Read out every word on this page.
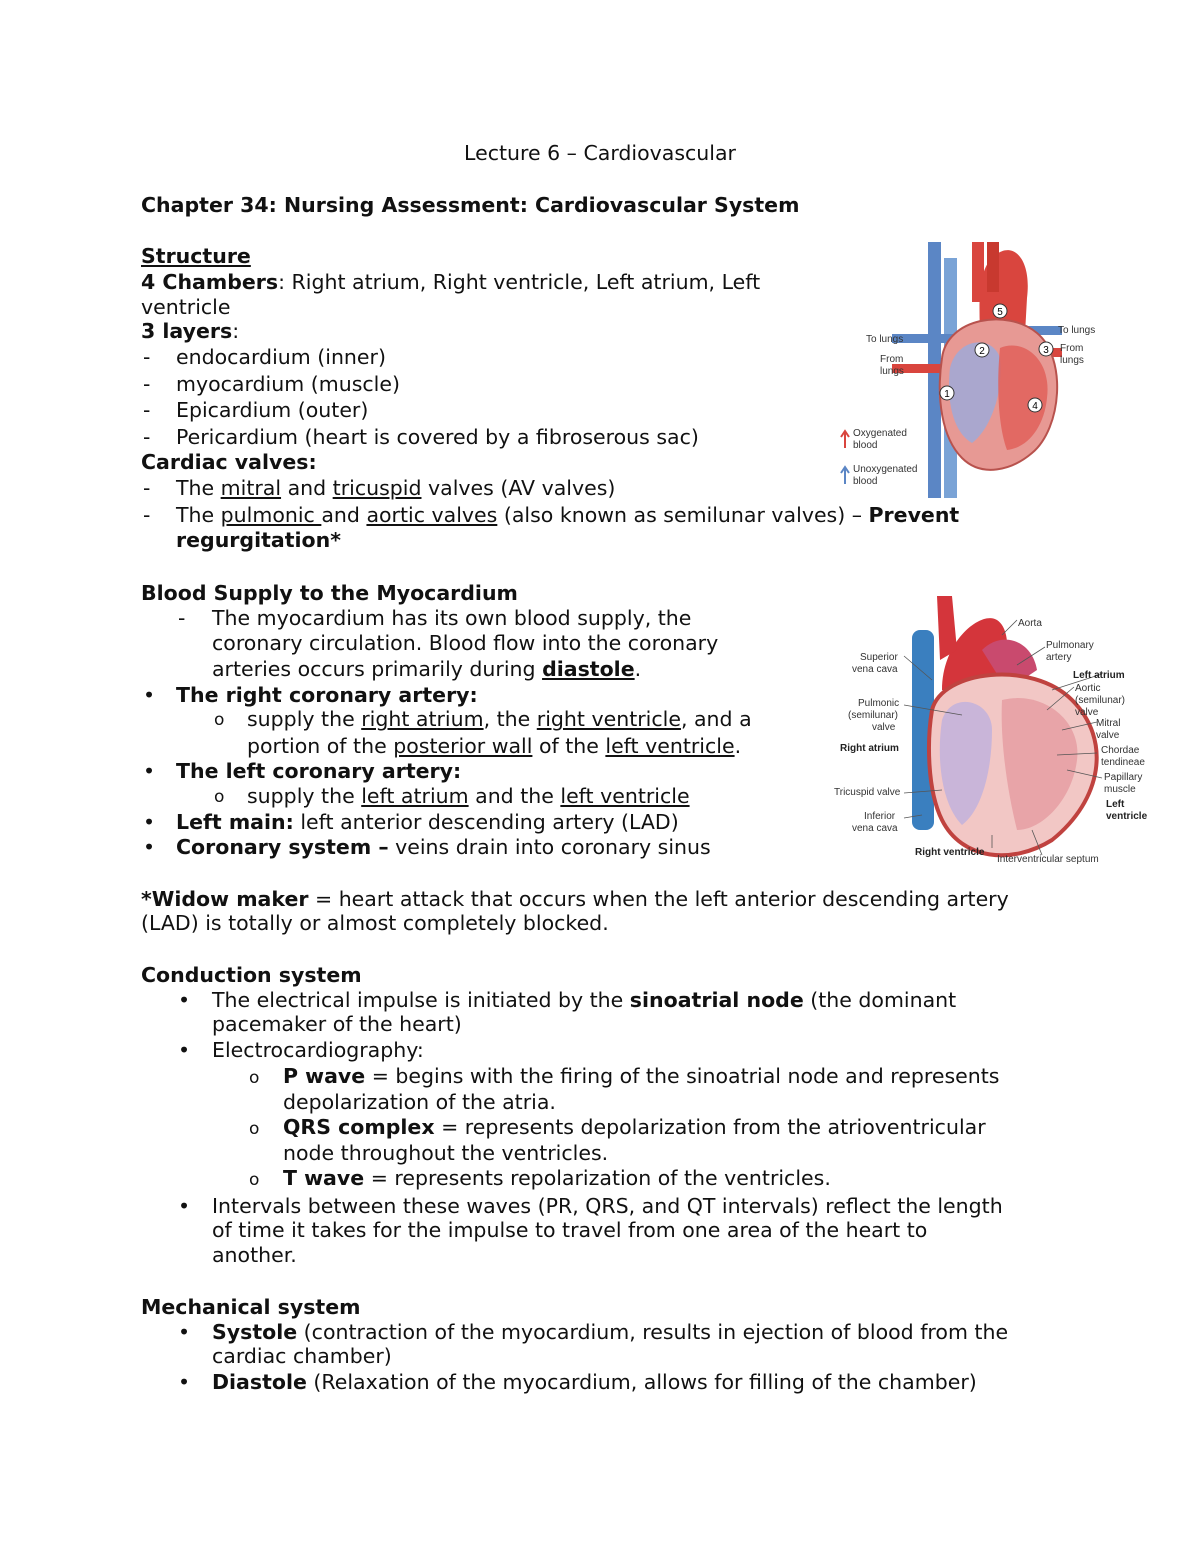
Lecture 6 – Cardiovascular
Chapter 34: Nursing Assessment: Cardiovascular System
Structure
4 Chambers: Right atrium, Right ventricle, Left atrium, Left
ventricle
3 layers:
- endocardium (inner)
- myocardium (muscle)
- Epicardium (outer)
- Pericardium (heart is covered by a fibroserous sac)
Cardiac valves:
- The mitral and tricuspid valves (AV valves)
- The pulmonic and aortic valves (also known as semilunar valves) – Prevent
regurgitation*
1
2	3
4
5
To lungs
From
lungs
To lungs
From
lungs
Oxygenated
blood
Unoxygenated
blood
Blood Supply to the Myocardium
- The myocardium has its own blood supply, the
coronary circulation. Blood flow into the coronary
arteries occurs primarily during diastole.
• The right coronary artery:
o supply the right atrium, the right ventricle, and a
portion of the posterior wall of the left ventricle.
• The left coronary artery:
o supply the left atrium and the left ventricle
• Left main: left anterior descending artery (LAD)
• Coronary system – veins drain into coronary sinus
Aorta
Pulmonary
artery
Left atrium
Aortic
(semilunar)
valve
Mitral
valve
Chordae
tendineae
Papillary
muscle
Left
ventricle
Superior
vena cava
Pulmonic
(semilunar)
valve
Right atrium
Tricuspid valve
Inferior
vena cava
Right ventricle
Interventricular septum
*Widow maker = heart attack that occurs when the left anterior descending artery
(LAD) is totally or almost completely blocked.
Conduction system
• The electrical impulse is initiated by the sinoatrial node (the dominant
pacemaker of the heart)
• Electrocardiography:
o P wave = begins with the firing of the sinoatrial node and represents
depolarization of the atria.
o QRS complex = represents depolarization from the atrioventricular
node throughout the ventricles.
o T wave = represents repolarization of the ventricles.
• Intervals between these waves (PR, QRS, and QT intervals) reflect the length
of time it takes for the impulse to travel from one area of the heart to
another.
Mechanical system
• Systole (contraction of the myocardium, results in ejection of blood from the
cardiac chamber)
• Diastole (Relaxation of the myocardium, allows for filling of the chamber)
